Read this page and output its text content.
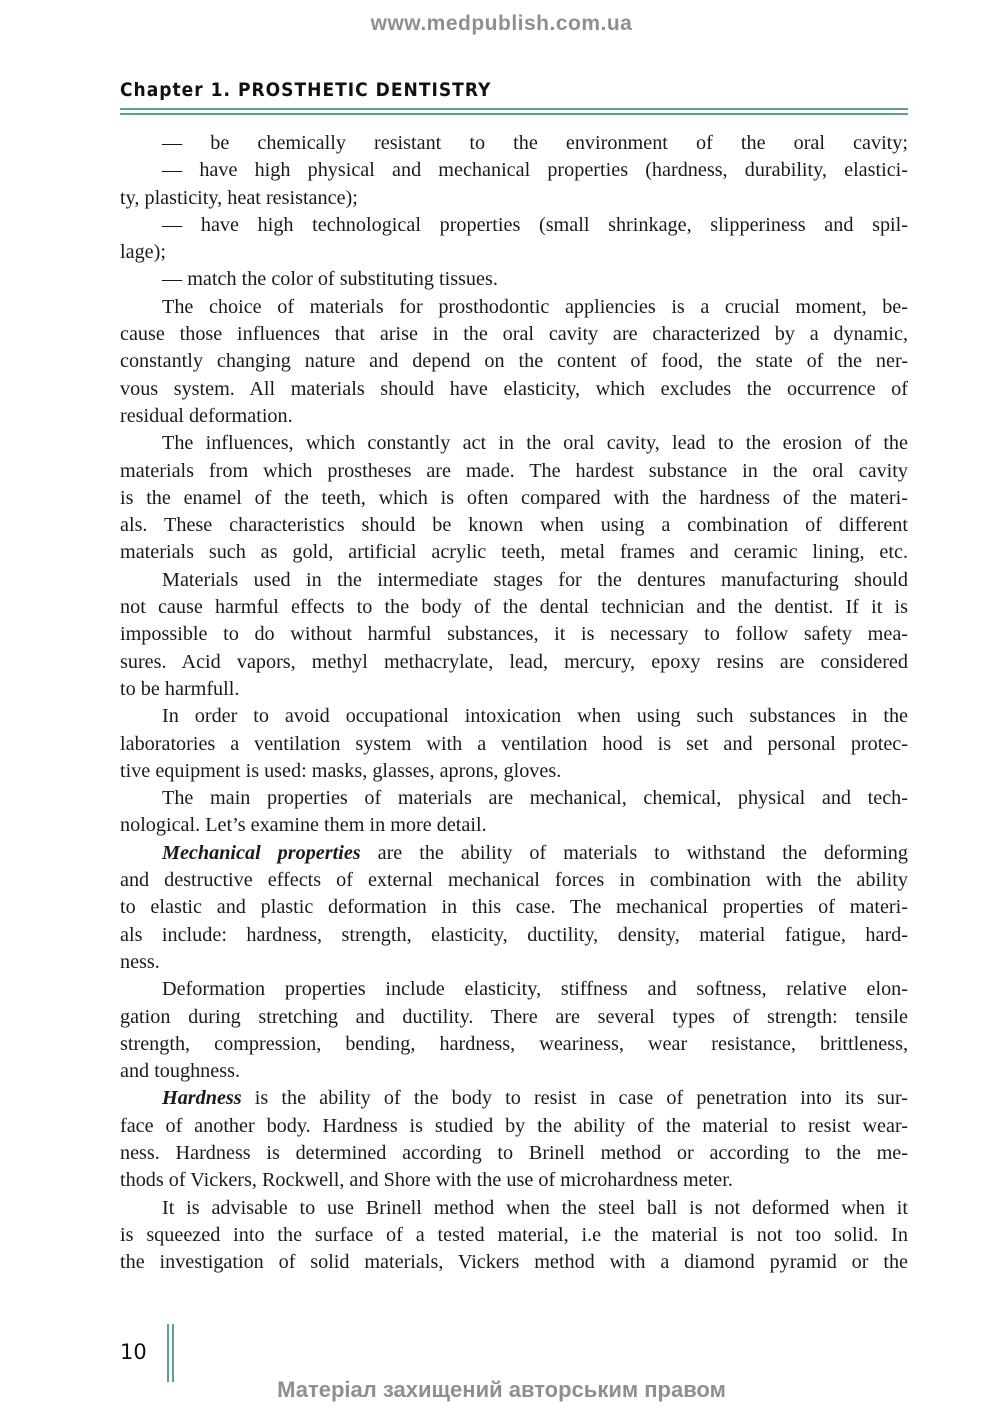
www.medpublish.com.ua
Chapter 1. PROSTHETIC DENTISTRY
— be chemically resistant to the environment of the oral cavity;
— have high physical and mechanical properties (hardness, durability, elastici-
ty, plasticity, heat resistance);
— have high technological properties (small shrinkage, slipperiness and spil-
lage);
— match the color of substituting tissues.
The choice of materials for prosthodontic appliencies is a crucial moment, be-
cause those influences that arise in the oral cavity are characterized by a dynamic,
constantly changing nature and depend on the content of food, the state of the ner-
vous system. All materials should have elasticity, which excludes the occurrence of
residual deformation.
The influences, which constantly act in the oral cavity, lead to the erosion of the
materials from which prostheses are made. The hardest substance in the oral cavity
is the enamel of the teeth, which is often compared with the hardness of the materi-
als. These characteristics should be known when using a combination of different
materials such as gold, artificial acrylic teeth, metal frames and ceramic lining, etc.
Materials used in the intermediate stages for the dentures manufacturing should
not cause harmful effects to the body of the dental technician and the dentist. If it is
impossible to do without harmful substances, it is necessary to follow safety mea-
sures. Acid vapors, methyl methacrylate, lead, mercury, epoxy resins are considered
to be harmfull.
In order to avoid occupational intoxication when using such substances in the
laboratories a ventilation system with a ventilation hood is set and personal protec-
tive equipment is used: masks, glasses, aprons, gloves.
The main properties of materials are mechanical, chemical, physical and tech-
nological. Let’s examine them in more detail.
Mechanical properties are the ability of materials to withstand the deforming
and destructive effects of external mechanical forces in combination with the ability
to elastic and plastic deformation in this case. The mechanical properties of materi-
als include: hardness, strength, elasticity, ductility, density, material fatigue, hard-
ness.
Deformation properties include elasticity, stiffness and softness, relative elon-
gation during stretching and ductility. There are several types of strength: tensile
strength, compression, bending, hardness, weariness, wear resistance, brittleness,
and toughness.
Hardness is the ability of the body to resist in case of penetration into its sur-
face of another body. Hardness is studied by the ability of the material to resist wear-
ness. Hardness is determined according to Brinell method or according to the me-
thods of Vickers, Rockwell, and Shore with the use of microhardness meter.
It is advisable to use Brinell method when the steel ball is not deformed when it
is squeezed into the surface of a tested material, i.e the material is not too solid. In
the investigation of solid materials, Vickers method with a diamond pyramid or the
10
Матеріал захищений авторським правом
